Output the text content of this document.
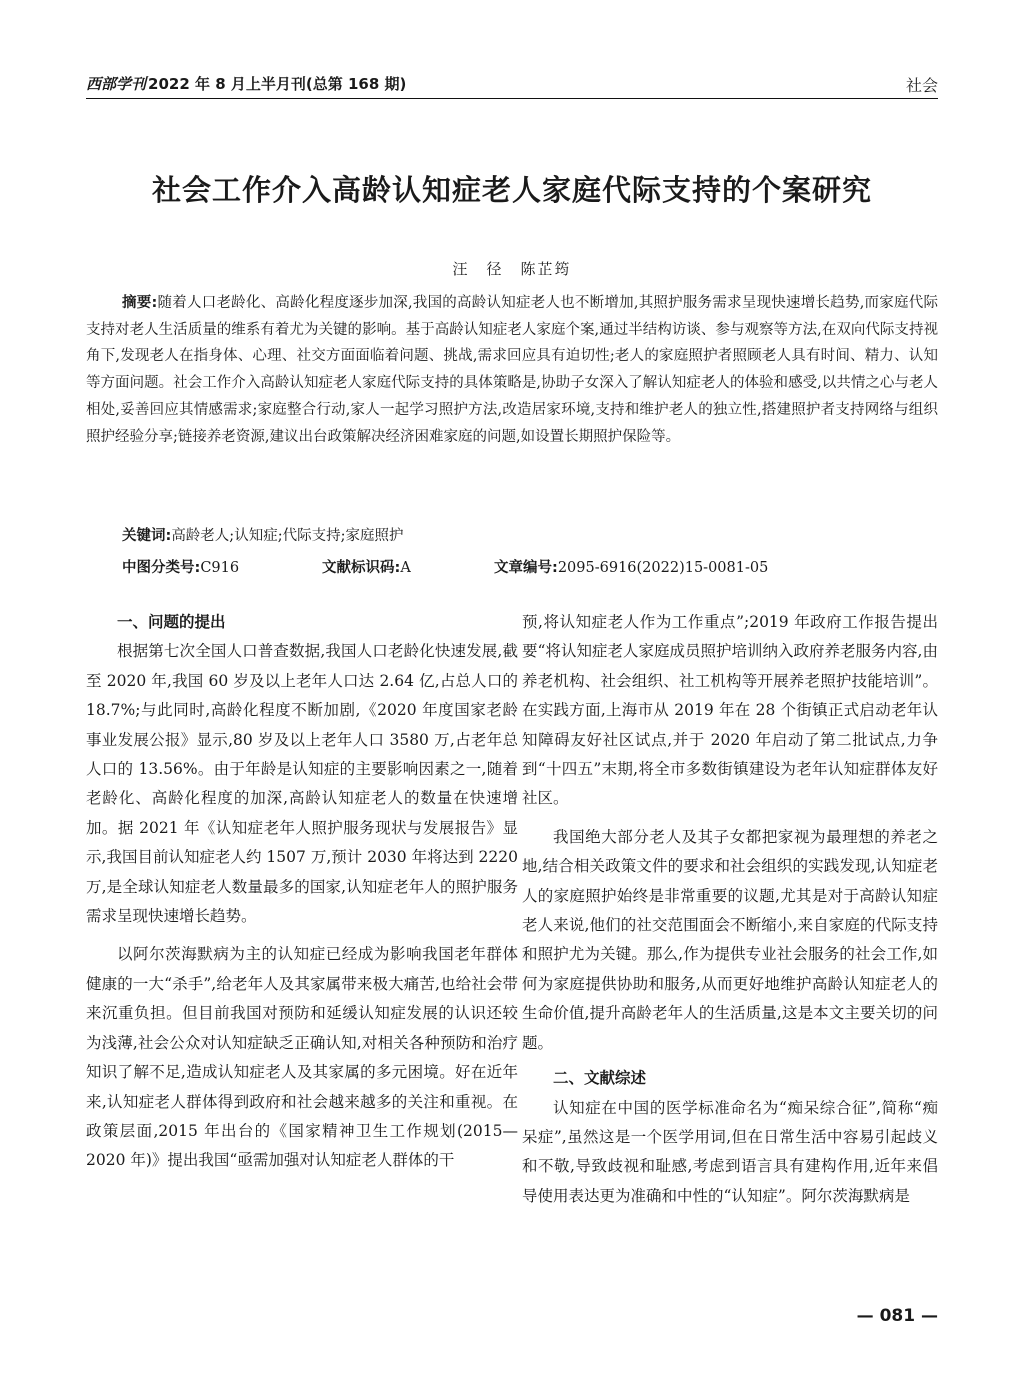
西部学刊 2022 年 8 月上半月刊(总第 168 期)	社会
社会工作介入高龄认知症老人家庭代际支持的个案研究
汪　径　陈芷筠

摘要:随着人口老龄化、高龄化程度逐步加深,我国的高龄认知症老人也不断增加,其照护服务需求呈现快速增长趋势,而家庭代际支持对老人生活质量的维系有着尤为关键的影响。基于高龄认知症老人家庭个案,通过半结构访谈、参与观察等方法,在双向代际支持视角下,发现老人在指身体、心理、社交方面面临着问题、挑战,需求回应具有迫切性;老人的家庭照护者照顾老人具有时间、精力、认知等方面问题。社会工作介入高龄认知症老人家庭代际支持的具体策略是,协助子女深入了解认知症老人的体验和感受,以共情之心与老人相处,妥善回应其情感需求;家庭整合行动,家人一起学习照护方法,改造居家环境,支持和维护老人的独立性,搭建照护者支持网络与组织照护经验分享;链接养老资源,建议出台政策解决经济困难家庭的问题,如设置长期照护保险等。

关键词:高龄老人;认知症;代际支持;家庭照护
中图分类号:C916	文献标识码:A	文章编号:2095-6916(2022)15-0081-05
一、问题的提出

根据第七次全国人口普查数据,我国人口老龄化快速发展,截至 2020 年,我国 60 岁及以上老年人口达 2.64 亿,占总人口的 18.7%;与此同时,高龄化程度不断加剧,《2020 年度国家老龄事业发展公报》显示,80 岁及以上老年人口 3580 万,占老年总人口的 13.56%。由于年龄是认知症的主要影响因素之一,随着老龄化、高龄化程度的加深,高龄认知症老人的数量在快速增加。据 2021 年《认知症老年人照护服务现状与发展报告》显示,我国目前认知症老人约 1507 万,预计 2030 年将达到 2220 万,是全球认知症老人数量最多的国家,认知症老年人的照护服务需求呈现快速增长趋势。

以阿尔茨海默病为主的认知症已经成为影响我国老年群体健康的一大“杀手”,给老年人及其家属带来极大痛苦,也给社会带来沉重负担。但目前我国对预防和延缓认知症发展的认识还较为浅薄,社会公众对认知症缺乏正确认知,对相关各种预防和治疗知识了解不足,造成认知症老人及其家属的多元困境。好在近年来,认知症老人群体得到政府和社会越来越多的关注和重视。在政策层面,2015 年出台的《国家精神卫生工作规划(2015—2020 年)》提出我国“亟需加强对认知症老人群体的干

预,将认知症老人作为工作重点”;2019 年政府工作报告提出要“将认知症老人家庭成员照护培训纳入政府养老服务内容,由养老机构、社会组织、社工机构等开展养老照护技能培训”。在实践方面,上海市从 2019 年在 28 个街镇正式启动老年认知障碍友好社区试点,并于 2020 年启动了第二批试点,力争到“十四五”末期,将全市多数街镇建设为老年认知症群体友好社区。

我国绝大部分老人及其子女都把家视为最理想的养老之地,结合相关政策文件的要求和社会组织的实践发现,认知症老人的家庭照护始终是非常重要的议题,尤其是对于高龄认知症老人来说,他们的社交范围面会不断缩小,来自家庭的代际支持和照护尤为关键。那么,作为提供专业社会服务的社会工作,如何为家庭提供协助和服务,从而更好地维护高龄认知症老人的生命价值,提升高龄老年人的生活质量,这是本文主要关切的问题。

二、文献综述

认知症在中国的医学标准命名为“痴呆综合征”,简称“痴呆症”,虽然这是一个医学用词,但在日常生活中容易引起歧义和不敬,导致歧视和耻感,考虑到语言具有建构作用,近年来倡导使用表达更为准确和中性的“认知症”。阿尔茨海默病是

— 081 —
